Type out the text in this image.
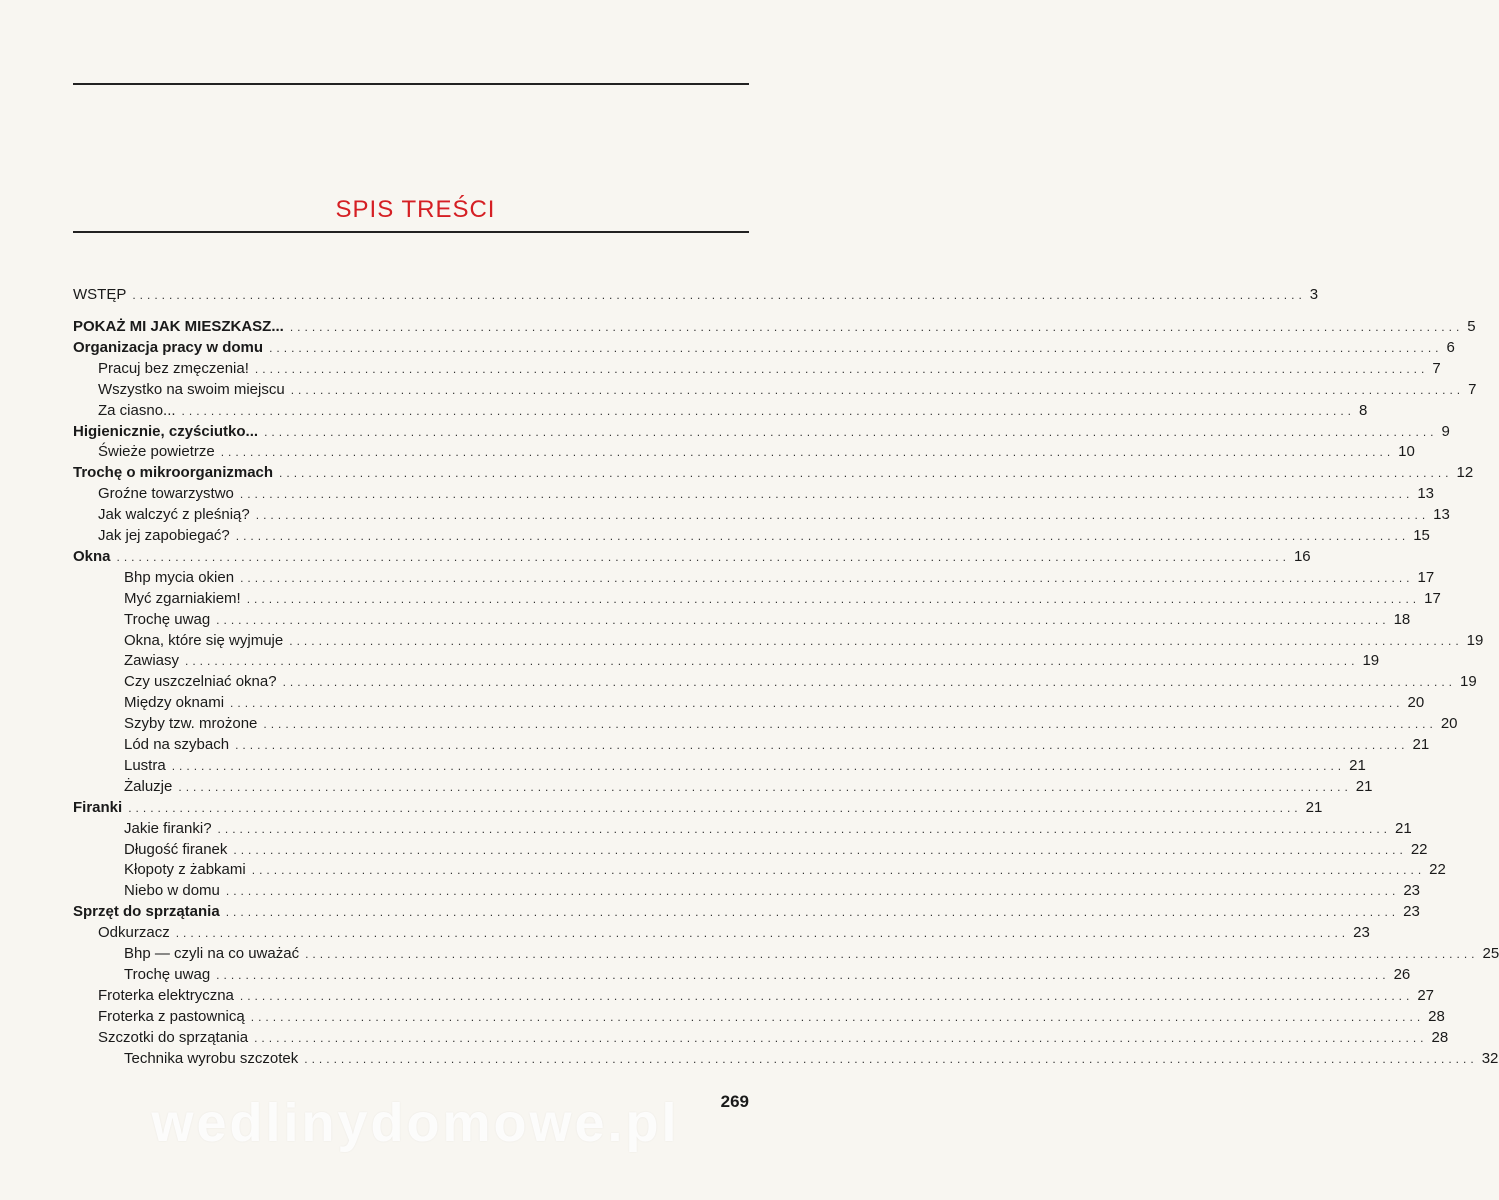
SPIS TREŚCI
WSTĘP ................................................................................................................................................................ 3
POKAŻ MI JAK MIESZKASZ... ................................................................................................................................................................ 5
Organizacja pracy w domu ................................................................................................................................................................ 6
Pracuj bez zmęczenia! ................................................................................................................................................................ 7
Wszystko na swoim miejscu ................................................................................................................................................................ 7
Za ciasno... ................................................................................................................................................................ 8
Higienicznie, czyściutko... ................................................................................................................................................................ 9
Świeże powietrze ................................................................................................................................................................ 10
Trochę o mikroorganizmach ................................................................................................................................................................ 12
Groźne towarzystwo ................................................................................................................................................................ 13
Jak walczyć z pleśnią? ................................................................................................................................................................ 13
Jak jej zapobiegać? ................................................................................................................................................................ 15
Okna ................................................................................................................................................................ 16
Bhp mycia okien ................................................................................................................................................................ 17
Myć zgarniakiem! ................................................................................................................................................................ 17
Trochę uwag ................................................................................................................................................................ 18
Okna, które się wyjmuje ................................................................................................................................................................ 19
Zawiasy ................................................................................................................................................................ 19
Czy uszczelniać okna? ................................................................................................................................................................ 19
Między oknami ................................................................................................................................................................ 20
Szyby tzw. mrożone ................................................................................................................................................................ 20
Lód na szybach ................................................................................................................................................................ 21
Lustra ................................................................................................................................................................ 21
Żaluzje ................................................................................................................................................................ 21
Firanki ................................................................................................................................................................ 21
Jakie firanki? ................................................................................................................................................................ 21
Długość firanek ................................................................................................................................................................ 22
Kłopoty z żabkami ................................................................................................................................................................ 22
Niebo w domu ................................................................................................................................................................ 23
Sprzęt do sprzątania ................................................................................................................................................................ 23
Odkurzacz ................................................................................................................................................................ 23
Bhp — czyli na co uważać ................................................................................................................................................................ 25
Trochę uwag ................................................................................................................................................................ 26
Froterka elektryczna ................................................................................................................................................................ 27
Froterka z pastownicą ................................................................................................................................................................ 28
Szczotki do sprzątania ................................................................................................................................................................ 28
Technika wyrobu szczotek ................................................................................................................................................................ 32
269
wedlinydomowe.pl
